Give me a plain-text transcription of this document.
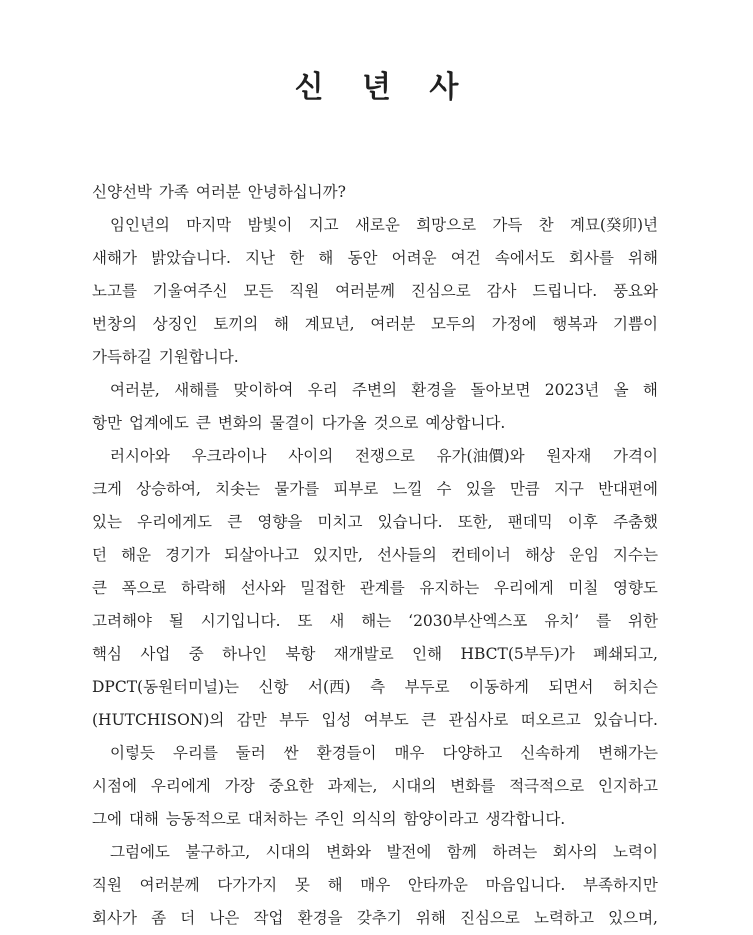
신 년 사
신양선박 가족 여러분 안녕하십니까?
임인년의 마지막 밤빛이 지고 새로운 희망으로 가득 찬 계묘(癸卯)년
새해가 밝았습니다. 지난 한 해 동안 어려운 여건 속에서도 회사를 위해
노고를 기울여주신 모든 직원 여러분께 진심으로 감사 드립니다. 풍요와
번창의 상징인 토끼의 해 계묘년, 여러분 모두의 가정에 행복과 기쁨이
가득하길 기원합니다.
여러분, 새해를 맞이하여 우리 주변의 환경을 돌아보면 2023년 올 해
항만 업계에도 큰 변화의 물결이 다가올 것으로 예상합니다.
러시아와 우크라이나 사이의 전쟁으로 유가(油價)와 원자재 가격이
크게 상승하여, 치솟는 물가를 피부로 느낄 수 있을 만큼 지구 반대편에
있는 우리에게도 큰 영향을 미치고 있습니다. 또한, 팬데믹 이후 주춤했
던 해운 경기가 되살아나고 있지만, 선사들의 컨테이너 해상 운임 지수는
큰 폭으로 하락해 선사와 밀접한 관계를 유지하는 우리에게 미칠 영향도
고려해야 될 시기입니다. 또 새 해는 ‘2030부산엑스포 유치’ 를 위한
핵심 사업 중 하나인 북항 재개발로 인해 HBCT(5부두)가 폐쇄되고,
DPCT(동원터미널)는 신항 서(西) 측 부두로 이동하게 되면서 허치슨
(HUTCHISON)의 감만 부두 입성 여부도 큰 관심사로 떠오르고 있습니다.
이렇듯 우리를 둘러 싼 환경들이 매우 다양하고 신속하게 변해가는
시점에 우리에게 가장 중요한 과제는, 시대의 변화를 적극적으로 인지하고
그에 대해 능동적으로 대처하는 주인 의식의 함양이라고 생각합니다.
그럼에도 불구하고, 시대의 변화와 발전에 함께 하려는 회사의 노력이
직원 여러분께 다가가지 못 해 매우 안타까운 마음입니다. 부족하지만
회사가 좀 더 나은 작업 환경을 갖추기 위해 진심으로 노력하고 있으며,
